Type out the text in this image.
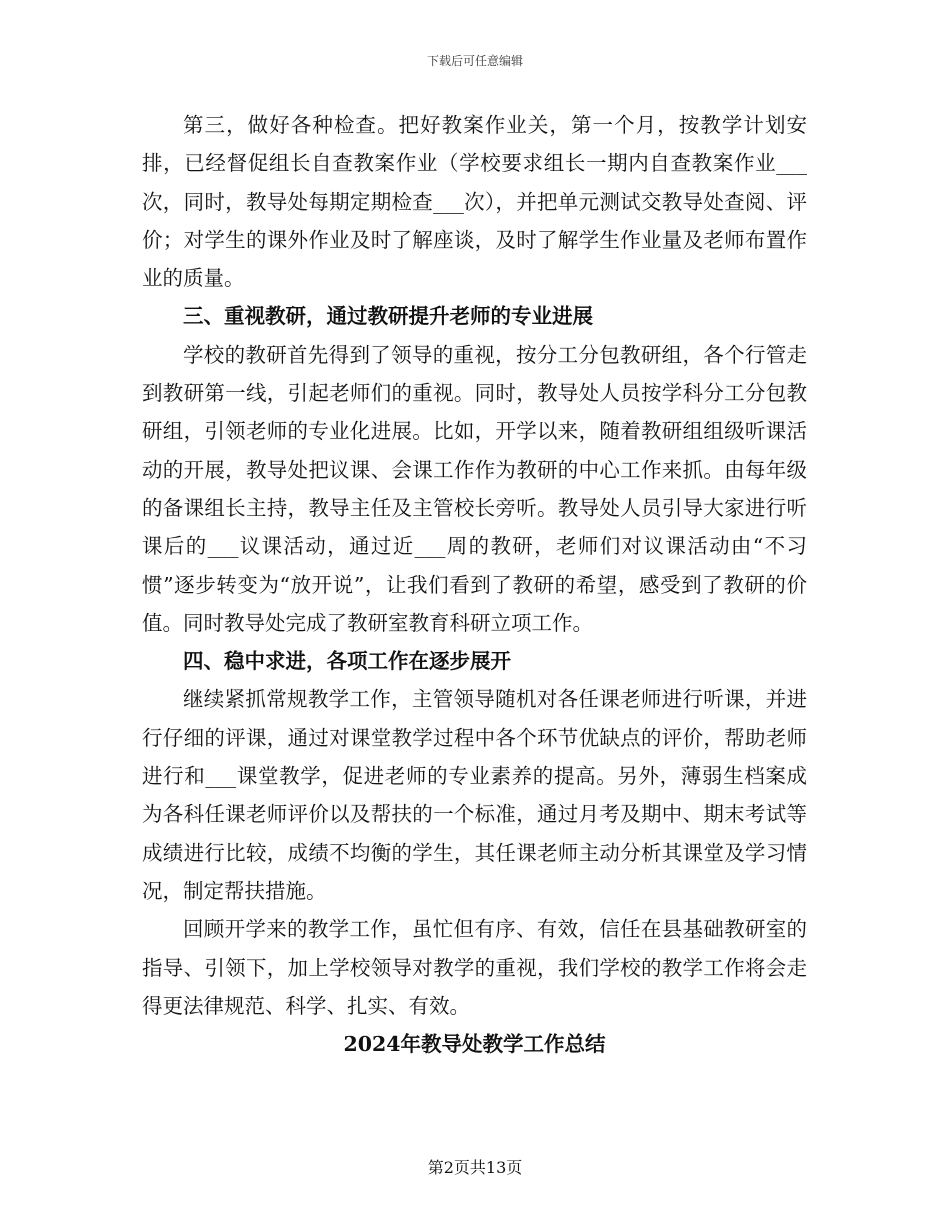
下载后可任意编辑

第三，做好各种检查。把好教案作业关，第一个月，按教学计划安排，已经督促组长自查教案作业（学校要求组长一期内自查教案作业___次，同时，教导处每期定期检查___次），并把单元测试交教导处查阅、评价；对学生的课外作业及时了解座谈，及时了解学生作业量及老师布置作业的质量。

三、重视教研，通过教研提升老师的专业进展

学校的教研首先得到了领导的重视，按分工分包教研组，各个行管走到教研第一线，引起老师们的重视。同时，教导处人员按学科分工分包教研组，引领老师的专业化进展。比如，开学以来，随着教研组组级听课活动的开展，教导处把议课、会课工作作为教研的中心工作来抓。由每年级的备课组长主持，教导主任及主管校长旁听。教导处人员引导大家进行听课后的___议课活动，通过近___周的教研，老师们对议课活动由“不习惯”逐步转变为“放开说”，让我们看到了教研的希望，感受到了教研的价值。同时教导处完成了教研室教育科研立项工作。

四、稳中求进，各项工作在逐步展开

继续紧抓常规教学工作，主管领导随机对各任课老师进行听课，并进行仔细的评课，通过对课堂教学过程中各个环节优缺点的评价，帮助老师进行和___课堂教学，促进老师的专业素养的提高。另外，薄弱生档案成为各科任课老师评价以及帮扶的一个标准，通过月考及期中、期末考试等成绩进行比较，成绩不均衡的学生，其任课老师主动分析其课堂及学习情况，制定帮扶措施。

回顾开学来的教学工作，虽忙但有序、有效，信任在县基础教研室的指导、引领下，加上学校领导对教学的重视，我们学校的教学工作将会走得更法律规范、科学、扎实、有效。

2024年教导处教学工作总结

第2页共13页
